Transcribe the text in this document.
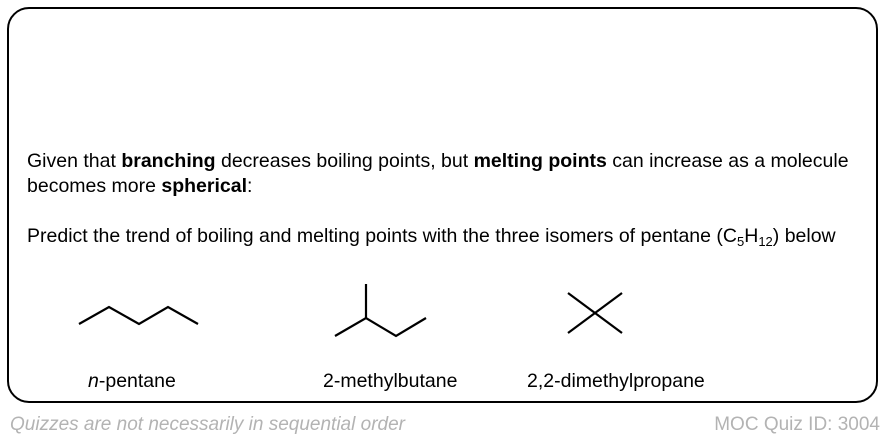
Given that branching decreases boiling points, but melting points can increase as a molecule becomes more spherical:
Predict the trend of boiling and melting points with the three isomers of pentane $(C_5H_{12})$ below
n-pentane	2-methylbutane	2,2-dimethylpropane
Quizzes are not necessarily in sequential order	MOC Quiz ID: 3004
